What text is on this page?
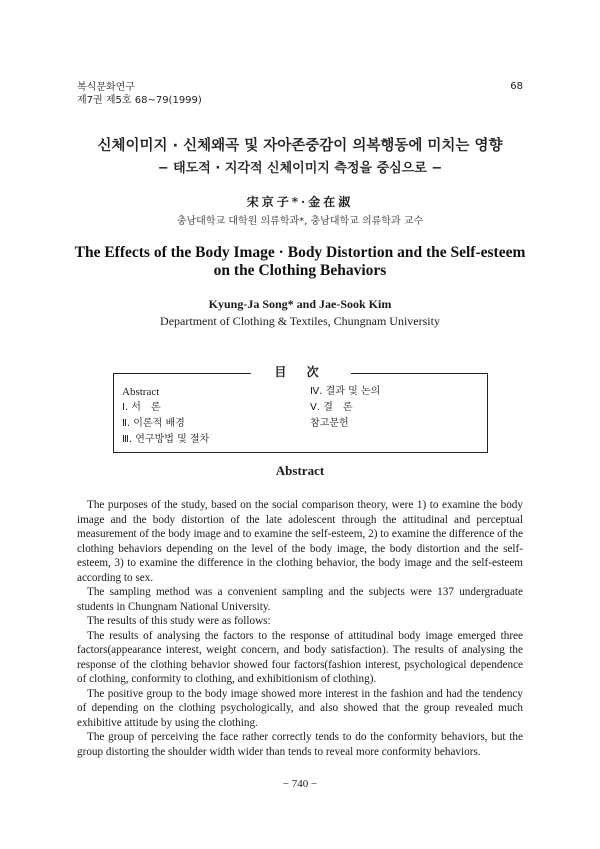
복식문화연구
제7권 제5호 68~79(1999)
68
신체이미지 · 신체왜곡 및 자아존중감이 의복행동에 미치는 영향
− 태도적 · 지각적 신체이미지 측정을 중심으로 −
宋京子*·金在淑
충남대학교 대학원 의류학과*, 충남대학교 의류학과 교수
The Effects of the Body Image · Body Distortion and the Self-esteem
on the Clothing Behaviors
Kyung-Ja Song* and Jae-Sook Kim
Department of Clothing & Textiles, Chungnam University
目 次
Abstract
Ⅰ. 서　론
Ⅱ. 이론적 배경
Ⅲ. 연구방법 및 절차
Ⅳ. 결과 및 논의
Ⅴ. 결　론
참고문헌
Abstract

The purposes of the study, based on the social comparison theory, were 1) to examine the body image and the body distortion of the late adolescent through the attitudinal and perceptual measurement of the body image and to examine the self-esteem, 2) to examine the difference of the clothing behaviors depending on the level of the body image, the body distortion and the self-esteem, 3) to examine the difference in the clothing behavior, the body image and the self-esteem according to sex.

The sampling method was a convenient sampling and the subjects were 137 undergraduate students in Chungnam National University.

The results of this study were as follows:

The results of analysing the factors to the response of attitudinal body image emerged three factors(appearance interest, weight concern, and body satisfaction). The results of analysing the response of the clothing behavior showed four factors(fashion interest, psychological dependence of clothing, conformity to clothing, and exhibitionism of clothing).

The positive group to the body image showed more interest in the fashion and had the tendency of depending on the clothing psychologically, and also showed that the group revealed much exhibitive attitude by using the clothing.

The group of perceiving the face rather correctly tends to do the conformity behaviors, but the group distorting the shoulder width wider than tends to reveal more conformity behaviors.

− 740 −
